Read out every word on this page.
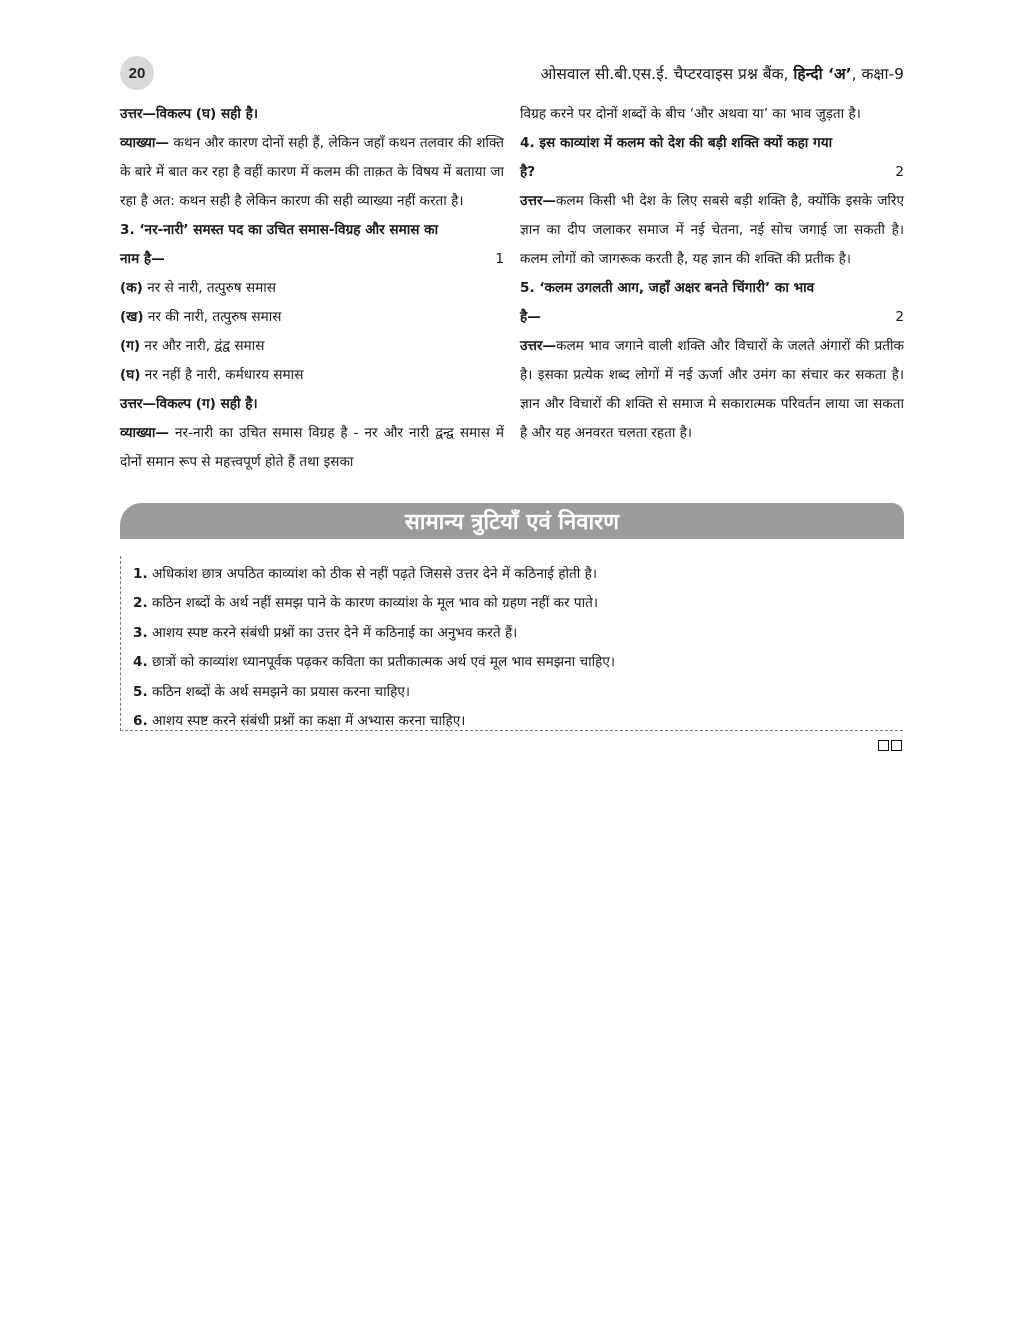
20	ओसवाल सी.बी.एस.ई. चैप्टरवाइस प्रश्न बैंक, हिन्दी ‘अ’, कक्षा-9

उत्तर—विकल्प (घ) सही है।

व्याख्या— कथन और कारण दोनों सही हैं, लेकिन जहाँ कथन तलवार की शक्ति के बारे में बात कर रहा है वहीं कारण में कलम की ताक़त के विषय में बताया जा रहा है अत: कथन सही है लेकिन कारण की सही व्याख्या नहीं करता है।

3. ‘नर-नारी’ समस्त पद का उचित समास-विग्रह और समास का

नाम है—	1

(क) नर से नारी, तत्पुरुष समास

(ख) नर की नारी, तत्पुरुष समास

(ग) नर और नारी, द्वंद्व समास

(घ) नर नहीं है नारी, कर्मधारय समास

उत्तर—विकल्प (ग) सही है।

व्याख्या— नर-नारी का उचित समास विग्रह है - नर और नारी द्वन्द्व समास में दोनों समान रूप से महत्त्वपूर्ण होते हैं तथा इसका

विग्रह करने पर दोनों शब्दों के बीच ‘और अथवा या’ का भाव जुड़ता है।

4. इस काव्यांश में कलम को देश की बड़ी शक्ति क्यों कहा गया

है?	2

उत्तर—कलम किसी भी देश के लिए सबसे बड़ी शक्ति है, क्योंकि इसके जरिए ज्ञान का दीप जलाकर समाज में नई चेतना, नई सोच जगाई जा सकती है। कलम लोगों को जागरूक करती है, यह ज्ञान की शक्ति की प्रतीक है।

5. ‘कलम उगलती आग, जहाँ अक्षर बनते चिंगारी’ का भाव

है—	2

उत्तर—कलम भाव जगाने वाली शक्ति और विचारों के जलते अंगारों की प्रतीक है। इसका प्रत्येक शब्द लोगों में नई ऊर्जा और उमंग का संचार कर सकता है। ज्ञान और विचारों की शक्ति से समाज मे सकारात्मक परिवर्तन लाया जा सकता है और यह अनवरत चलता रहता है।

सामान्य त्रुटियाँ एवं निवारण
1. अधिकांश छात्र अपठित काव्यांश को ठीक से नहीं पढ़ते जिससे उत्तर देने में कठिनाई होती है।
2. कठिन शब्दों के अर्थ नहीं समझ पाने के कारण काव्यांश के मूल भाव को ग्रहण नहीं कर पाते।
3. आशय स्पष्ट करने संबंधी प्रश्नों का उत्तर देने में कठिनाई का अनुभव करते हैं।
4. छात्रों को काव्यांश ध्यानपूर्वक पढ़कर कविता का प्रतीकात्मक अर्थ एवं मूल भाव समझना चाहिए।
5. कठिन शब्दों के अर्थ समझने का प्रयास करना चाहिए।
6. आशय स्पष्ट करने संबंधी प्रश्नों का कक्षा में अभ्यास करना चाहिए।
